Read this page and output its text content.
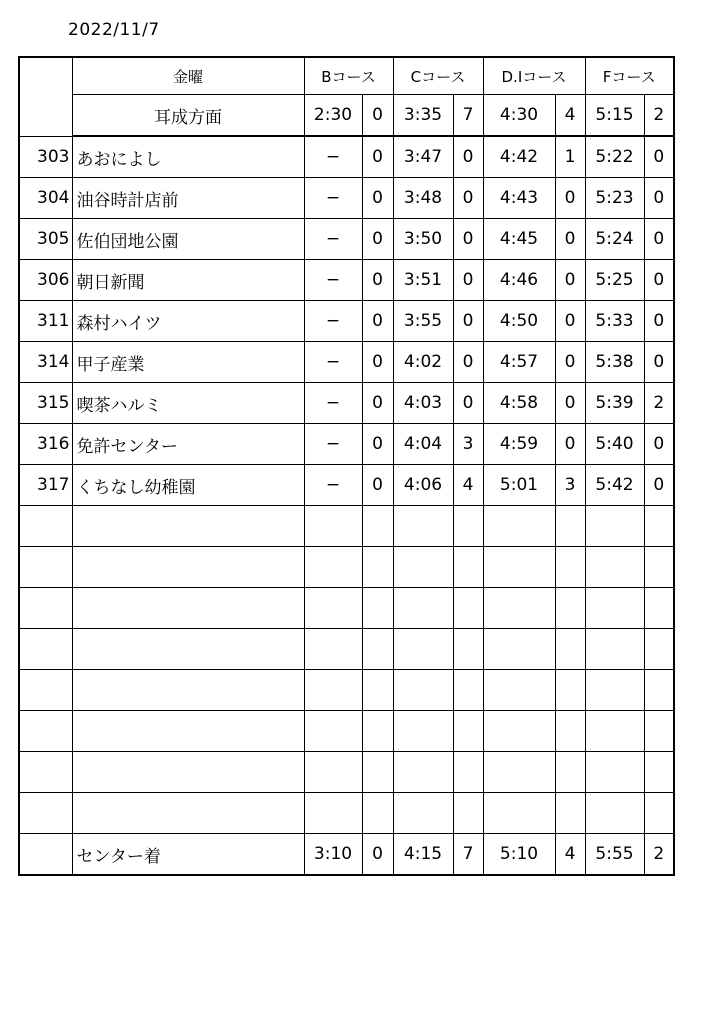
2022/11/7
	金曜	Bコース		Cコース		D.Iコース		Fコース	
	耳成方面	2:30	0	3:35	7	4:30	4	5:15	2
303	あおによし	−	0	3:47	0	4:42	1	5:22	0
304	油谷時計店前	−	0	3:48	0	4:43	0	5:23	0
305	佐伯団地公園	−	0	3:50	0	4:45	0	5:24	0
306	朝日新聞	−	0	3:51	0	4:46	0	5:25	0
311	森村ハイツ	−	0	3:55	0	4:50	0	5:33	0
314	甲子産業	−	0	4:02	0	4:57	0	5:38	0
315	喫茶ハルミ	−	0	4:03	0	4:58	0	5:39	2
316	免許センター	−	0	4:04	3	4:59	0	5:40	0
317	くちなし幼稚園	−	0	4:06	4	5:01	3	5:42	0

	センター着	3:10	0	4:15	7	5:10	4	5:55	2
